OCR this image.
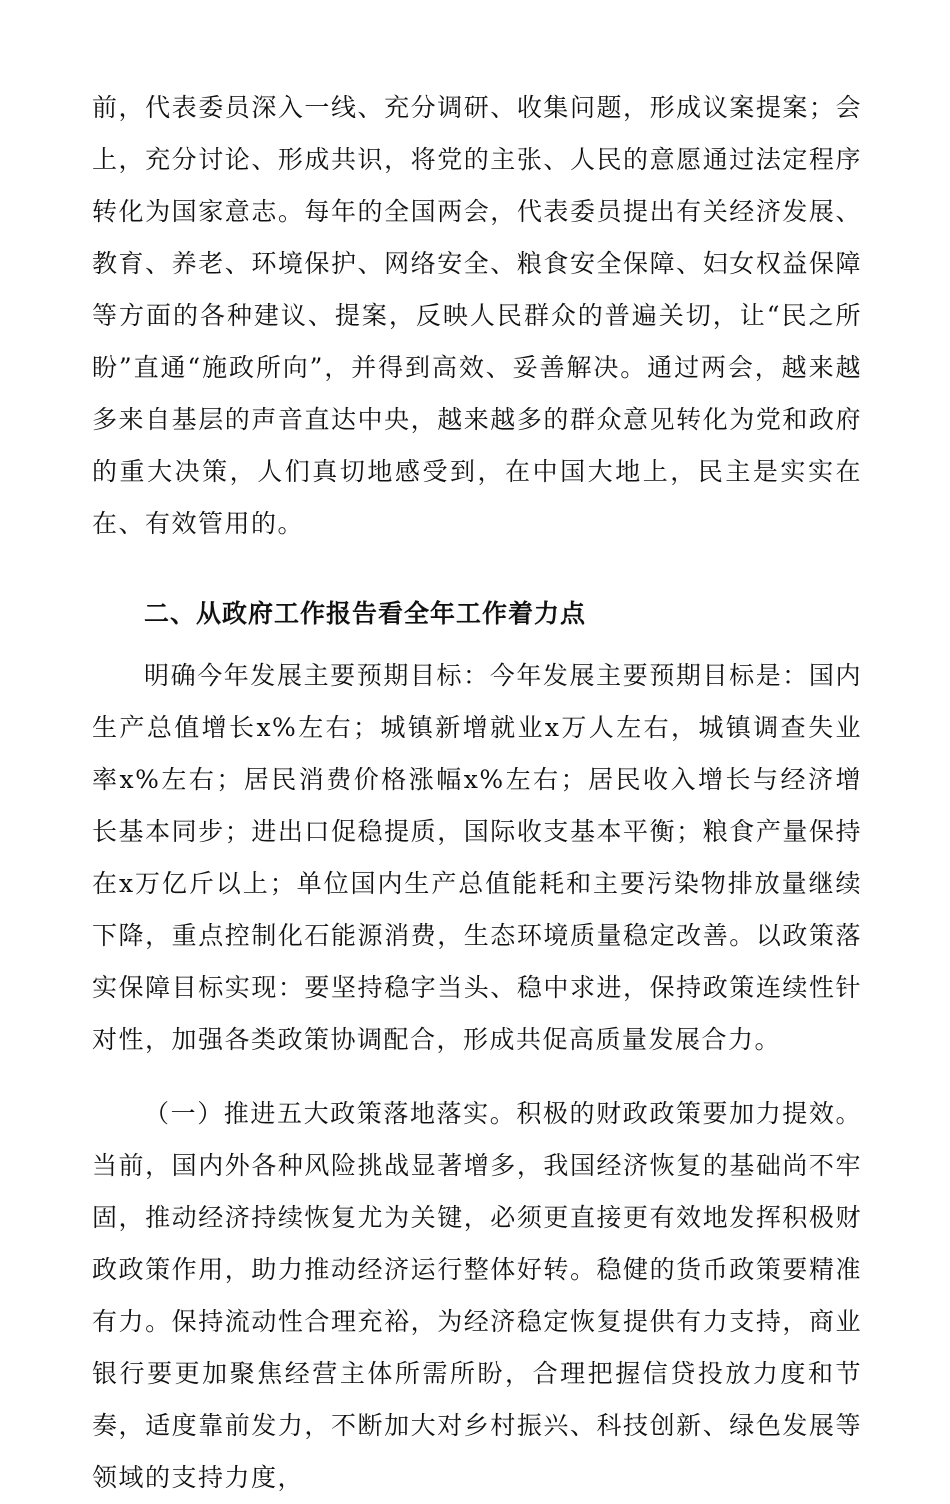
前，代表委员深入一线、充分调研、收集问题，形成议案提案；会上，充分讨论、形成共识，将党的主张、人民的意愿通过法定程序转化为国家意志。每年的全国两会，代表委员提出有关经济发展、教育、养老、环境保护、网络安全、粮食安全保障、妇女权益保障等方面的各种建议、提案，反映人民群众的普遍关切，让“民之所盼”直通“施政所向”，并得到高效、妥善解决。通过两会，越来越多来自基层的声音直达中央，越来越多的群众意见转化为党和政府的重大决策，人们真切地感受到，在中国大地上，民主是实实在在、有效管用的。

二、从政府工作报告看全年工作着力点

明确今年发展主要预期目标：今年发展主要预期目标是：国内生产总值增长x%左右；城镇新增就业x万人左右，城镇调查失业率x%左右；居民消费价格涨幅x%左右；居民收入增长与经济增长基本同步；进出口促稳提质，国际收支基本平衡；粮食产量保持在x万亿斤以上；单位国内生产总值能耗和主要污染物排放量继续下降，重点控制化石能源消费，生态环境质量稳定改善。以政策落实保障目标实现：要坚持稳字当头、稳中求进，保持政策连续性针对性，加强各类政策协调配合，形成共促高质量发展合力。

（一）推进五大政策落地落实。积极的财政政策要加力提效。当前，国内外各种风险挑战显著增多，我国经济恢复的基础尚不牢固，推动经济持续恢复尤为关键，必须更直接更有效地发挥积极财政政策作用，助力推动经济运行整体好转。稳健的货币政策要精准有力。保持流动性合理充裕，为经济稳定恢复提供有力支持，商业银行要更加聚焦经营主体所需所盼，合理把握信贷投放力度和节奏，适度靠前发力，不断加大对乡村振兴、科技创新、绿色发展等领域的支持力度，
